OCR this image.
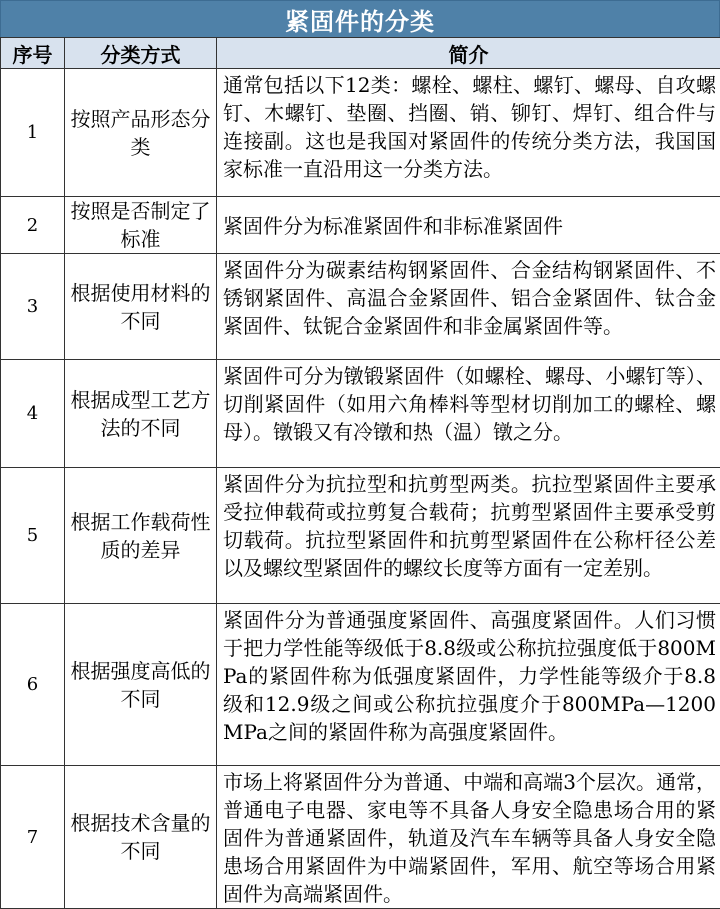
紧固件的分类
序号	分类方式	简介
1	按照产品形态分类	通常包括以下12类：螺栓、螺柱、螺钉、螺母、自攻螺钉、木螺钉、垫圈、挡圈、销、铆钉、焊钉、组合件与连接副。这也是我国对紧固件的传统分类方法，我国国家标准一直沿用这一分类方法。
2	按照是否制定了标准	紧固件分为标准紧固件和非标准紧固件
3	根据使用材料的不同	紧固件分为碳素结构钢紧固件、合金结构钢紧固件、不锈钢紧固件、高温合金紧固件、铝合金紧固件、钛合金紧固件、钛铌合金紧固件和非金属紧固件等。
4	根据成型工艺方法的不同	紧固件可分为镦锻紧固件（如螺栓、螺母、小螺钉等）、切削紧固件（如用六角棒料等型材切削加工的螺栓、螺母）。镦锻又有冷镦和热（温）镦之分。
5	根据工作载荷性质的差异	紧固件分为抗拉型和抗剪型两类。抗拉型紧固件主要承受拉伸载荷或拉剪复合载荷；抗剪型紧固件主要承受剪切载荷。抗拉型紧固件和抗剪型紧固件在公称杆径公差以及螺纹型紧固件的螺纹长度等方面有一定差别。
6	根据强度高低的不同	紧固件分为普通强度紧固件、高强度紧固件。人们习惯于把力学性能等级低于8.8级或公称抗拉强度低于800MPa的紧固件称为低强度紧固件，力学性能等级介于8.8级和12.9级之间或公称抗拉强度介于800MPa—1200MPa之间的紧固件称为高强度紧固件。
7	根据技术含量的不同	市场上将紧固件分为普通、中端和高端3个层次。通常，普通电子电器、家电等不具备人身安全隐患场合用的紧固件为普通紧固件，轨道及汽车车辆等具备人身安全隐患场合用紧固件为中端紧固件，军用、航空等场合用紧固件为高端紧固件。
